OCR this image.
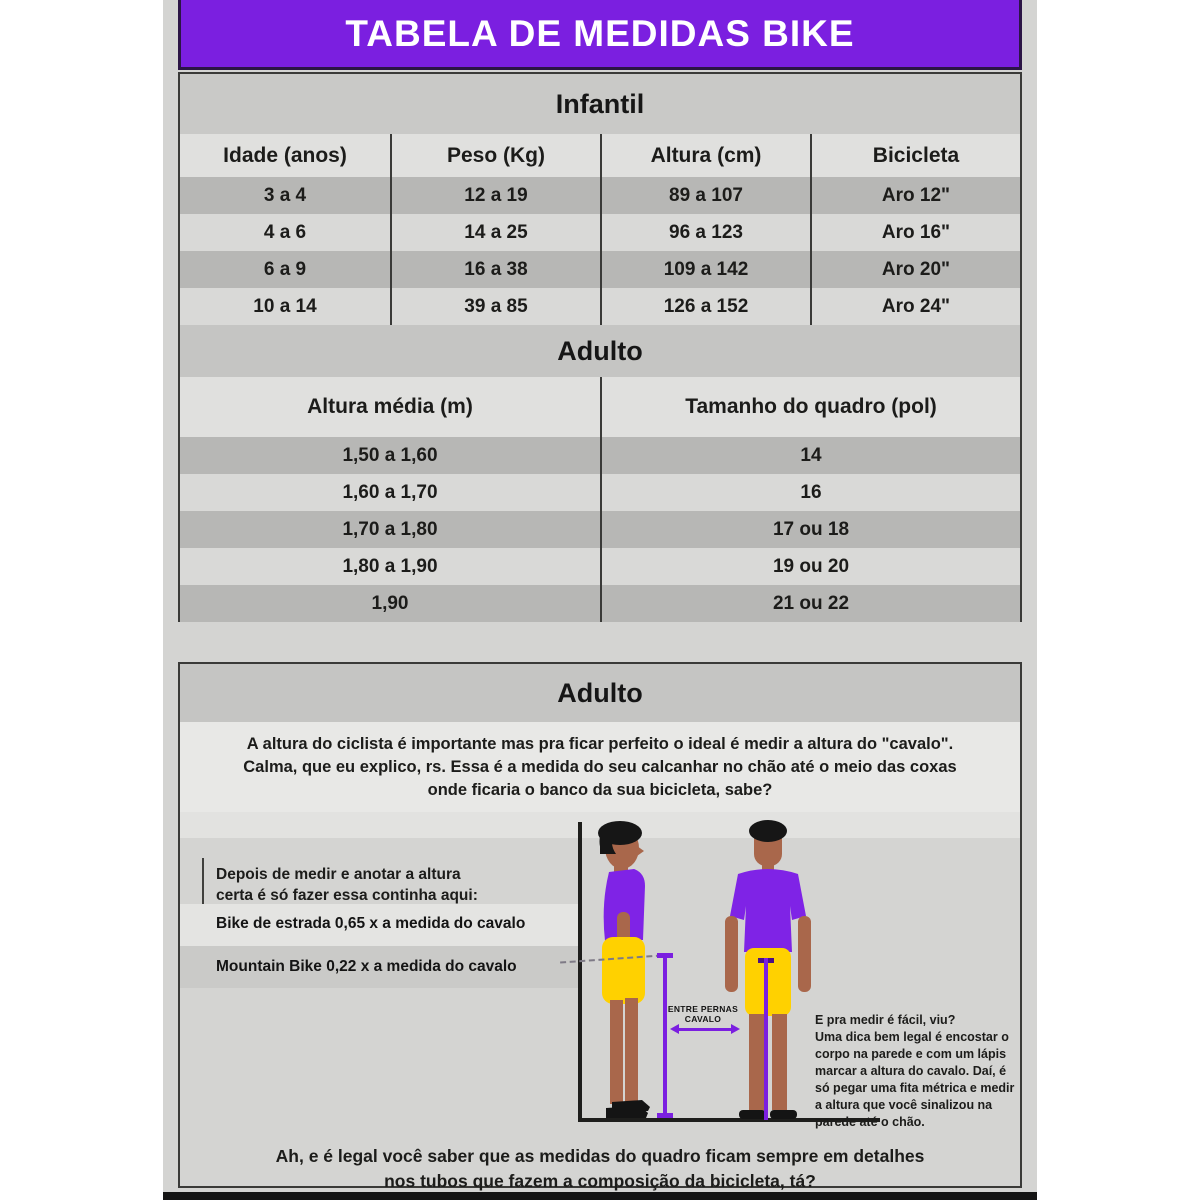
TABELA DE MEDIDAS BIKE
Infantil
Idade (anos)	Peso (Kg)	Altura (cm)	Bicicleta
3 a 4	12 a 19	89 a 107	Aro 12"
4 a 6	14 a 25	96 a 123	Aro 16"
6 a 9	16 a 38	109 a 142	Aro 20"
10 a 14	39 a 85	126 a 152	Aro 24"
Adulto
Altura média (m)	Tamanho do quadro (pol)
1,50 a 1,60	14
1,60 a 1,70	16
1,70 a 1,80	17 ou 18
1,80 a 1,90	19 ou 20
1,90	21 ou 22
Adulto
A altura do ciclista é importante mas pra ficar perfeito o ideal é medir a altura do "cavalo".
Calma, que eu explico, rs. Essa é a medida do seu calcanhar no chão até o meio das coxas
onde ficaria o banco da sua bicicleta, sabe?
Depois de medir e anotar a altura
certa é só fazer essa continha aqui:
Bike de estrada 0,65 x a medida do cavalo
Mountain Bike 0,22 x a medida do cavalo
ENTRE PERNAS
CAVALO	E pra medir é fácil, viu?
Uma dica bem legal é encostar o
corpo na parede e com um lápis
marcar a altura do cavalo. Daí, é
só pegar uma fita métrica e medir
a altura que você sinalizou na
parede até o chão.
Ah, e é legal você saber que as medidas do quadro ficam sempre em detalhes
nos tubos que fazem a composição da bicicleta, tá?
